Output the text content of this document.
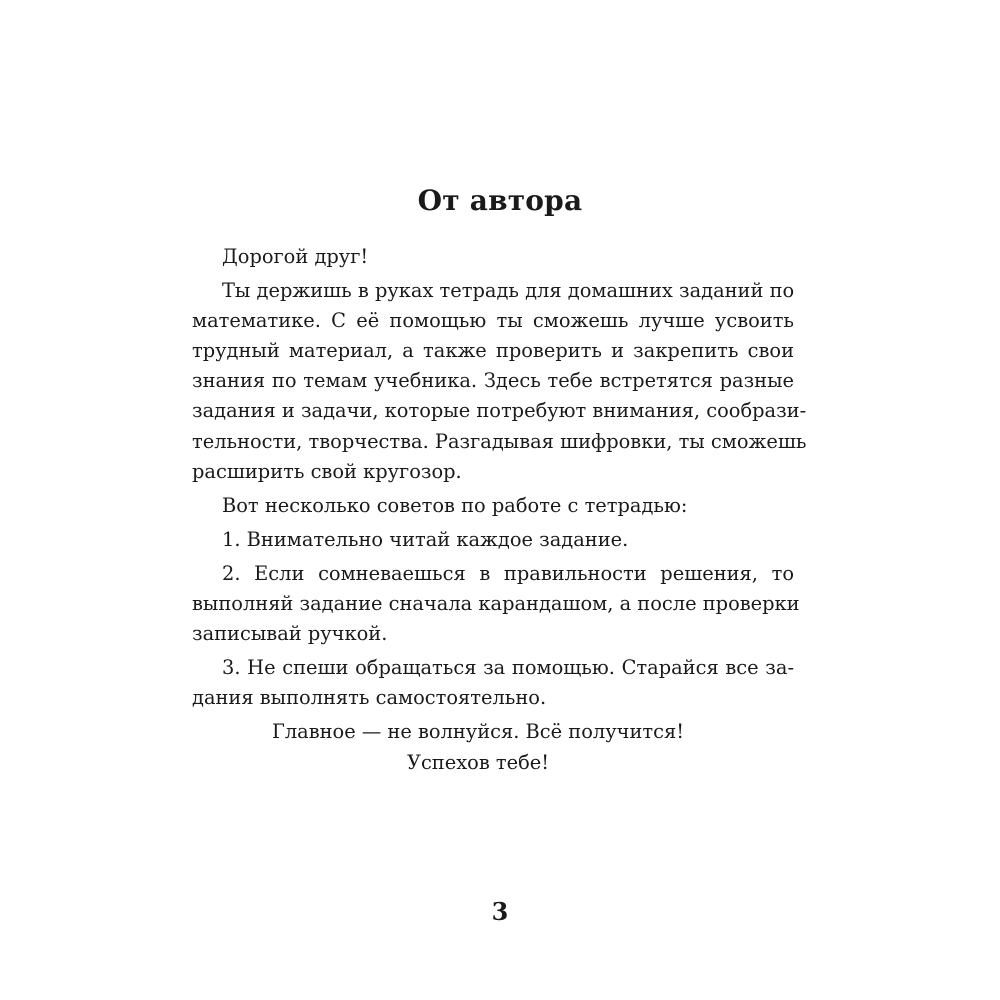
От автора
Дорогой друг!
Ты держишь в руках тетрадь для домашних заданий по
математике. С её помощью ты сможешь лучше усвоить
трудный материал, а также проверить и закрепить свои
знания по темам учебника. Здесь тебе встретятся разные
задания и задачи, которые потребуют внимания, сообрази-
тельности, творчества. Разгадывая шифровки, ты сможешь
расширить свой кругозор.
Вот несколько советов по работе с тетрадью:
1. Внимательно читай каждое задание.
2. Если сомневаешься в правильности решения, то
выполняй задание сначала карандашом, а после проверки
записывай ручкой.
3. Не спеши обращаться за помощью. Старайся все за-
дания выполнять самостоятельно.

Главное — не волнуйся. Всё получится!

Успехов тебе!

3
